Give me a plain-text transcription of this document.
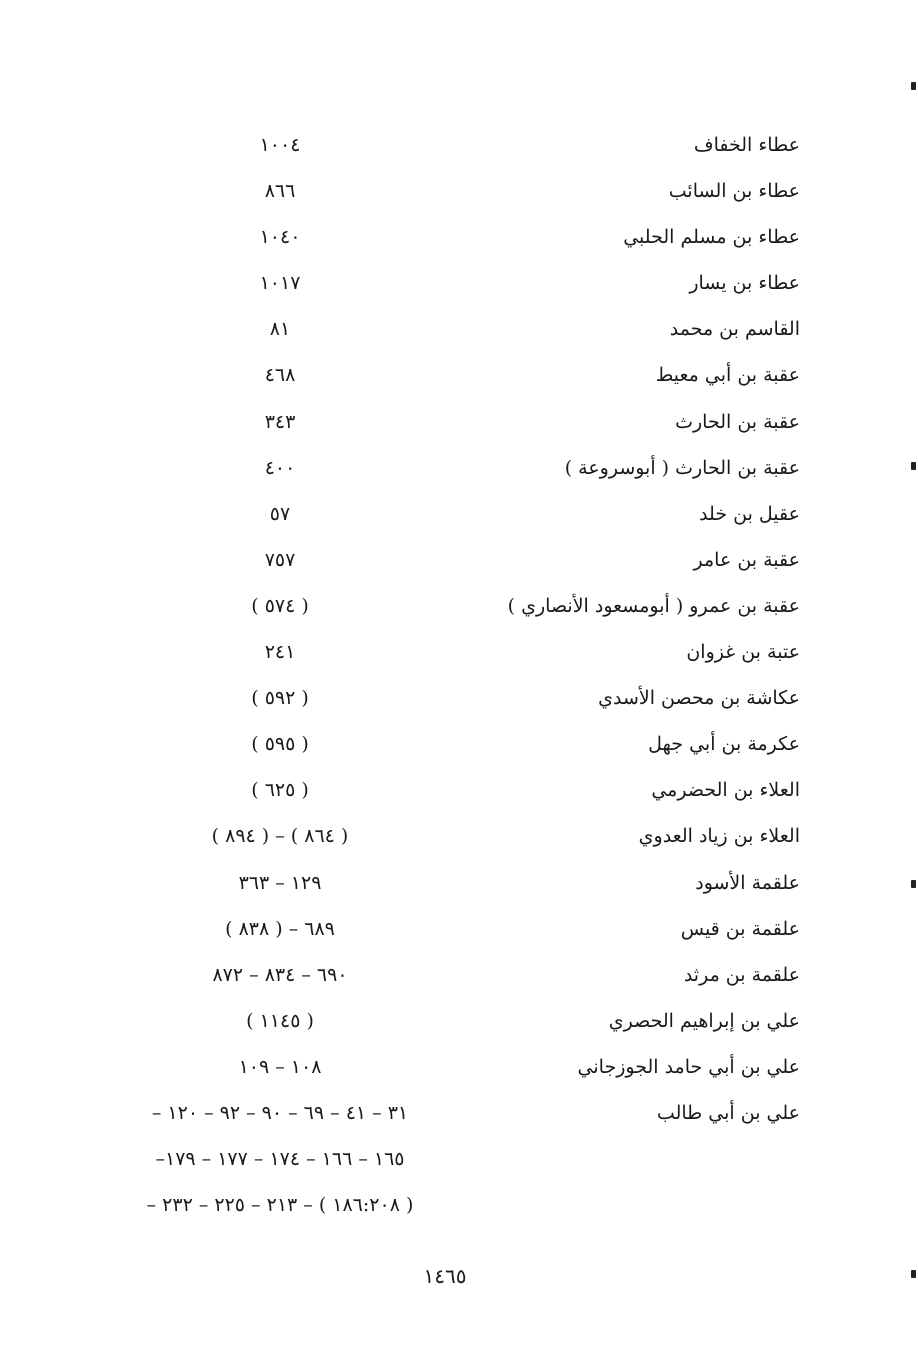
عطاء الخفاف
١٠٠٤
عطاء بن السائب
٨٦٦
عطاء بن مسلم الحلبي
١٠٤٠
عطاء بن يسار
١٠١٧
القاسم بن محمد
٨١
عقبة بن أبي معيط
٤٦٨
عقبة بن الحارث
٣٤٣
عقبة بن الحارث ( أبوسروعة )
٤٠٠
عقيل بن خلد
٥٧
عقبة بن عامر
٧٥٧
عقبة بن عمرو ( أبومسعود الأنصاري )
( ٥٧٤ )
عتبة بن غزوان
٢٤١
عكاشة بن محصن الأسدي
( ٥٩٢ )
عكرمة بن أبي جهل
( ٥٩٥ )
العلاء بن الحضرمي
( ٦٢٥ )
العلاء بن زياد العدوي
( ٨٦٤ ) – ( ٨٩٤ )
علقمة الأسود
١٢٩ – ٣٦٣
علقمة بن قيس
٦٨٩ – ( ٨٣٨ )
علقمة بن مرثد
٦٩٠ – ٨٣٤ – ٨٧٢
علي بن إبراهيم الحصري
( ١١٤٥ )
علي بن أبي حامد الجوزجاني
١٠٨ – ١٠٩
علي بن أبي طالب
٣١ – ٤١ – ٦٩ – ٩٠ – ٩٢ – ١٢٠ –
١٦٥ – ١٦٦ – ١٧٤ – ١٧٧ – ١٧٩–
( ١٨٦:٢٠٨ ) – ٢١٣ – ٢٢٥ – ٢٣٢ –
١٤٦٥
